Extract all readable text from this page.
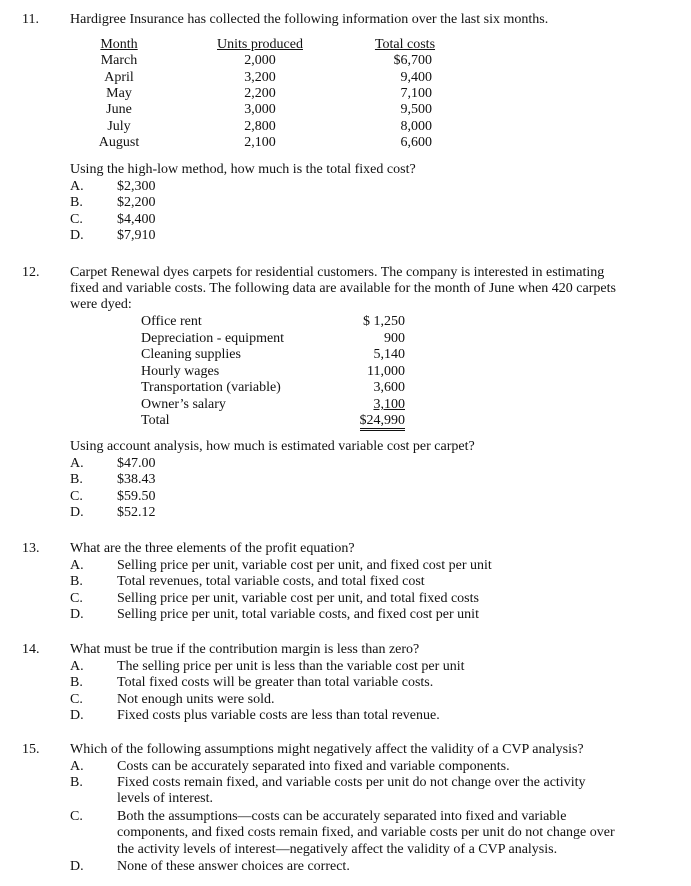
11. Hardigree Insurance has collected the following information over the last six months.
Month	Units produced	Total costs
March	2,000	$6,700
April	3,200	9,400
May	2,200	7,100
June	3,000	9,500
July	2,800	8,000
August	2,100	6,600
Using the high-low method, how much is the total fixed cost?
A. $2,300
B. $2,200
C. $4,400
D. $7,910
12. Carpet Renewal dyes carpets for residential customers. The company is interested in estimating
fixed and variable costs. The following data are available for the month of June when 420 carpets
were dyed:
Office rent	$ 1,250
Depreciation - equipment	900
Cleaning supplies	5,140
Hourly wages	11,000
Transportation (variable)	3,600
Owner’s salary	3,100
Total	$24,990
Using account analysis, how much is estimated variable cost per carpet?
A. $47.00
B. $38.43
C. $59.50
D. $52.12
13. What are the three elements of the profit equation?
A. Selling price per unit, variable cost per unit, and fixed cost per unit
B. Total revenues, total variable costs, and total fixed cost
C. Selling price per unit, variable cost per unit, and total fixed costs
D. Selling price per unit, total variable costs, and fixed cost per unit
14. What must be true if the contribution margin is less than zero?
A. The selling price per unit is less than the variable cost per unit
B. Total fixed costs will be greater than total variable costs.
C. Not enough units were sold.
D. Fixed costs plus variable costs are less than total revenue.
15. Which of the following assumptions might negatively affect the validity of a CVP analysis?
A. Costs can be accurately separated into fixed and variable components.
B. Fixed costs remain fixed, and variable costs per unit do not change over the activity
levels of interest.
C. Both the assumptions—costs can be accurately separated into fixed and variable
components, and fixed costs remain fixed, and variable costs per unit do not change over
the activity levels of interest—negatively affect the validity of a CVP analysis.
D. None of these answer choices are correct.
